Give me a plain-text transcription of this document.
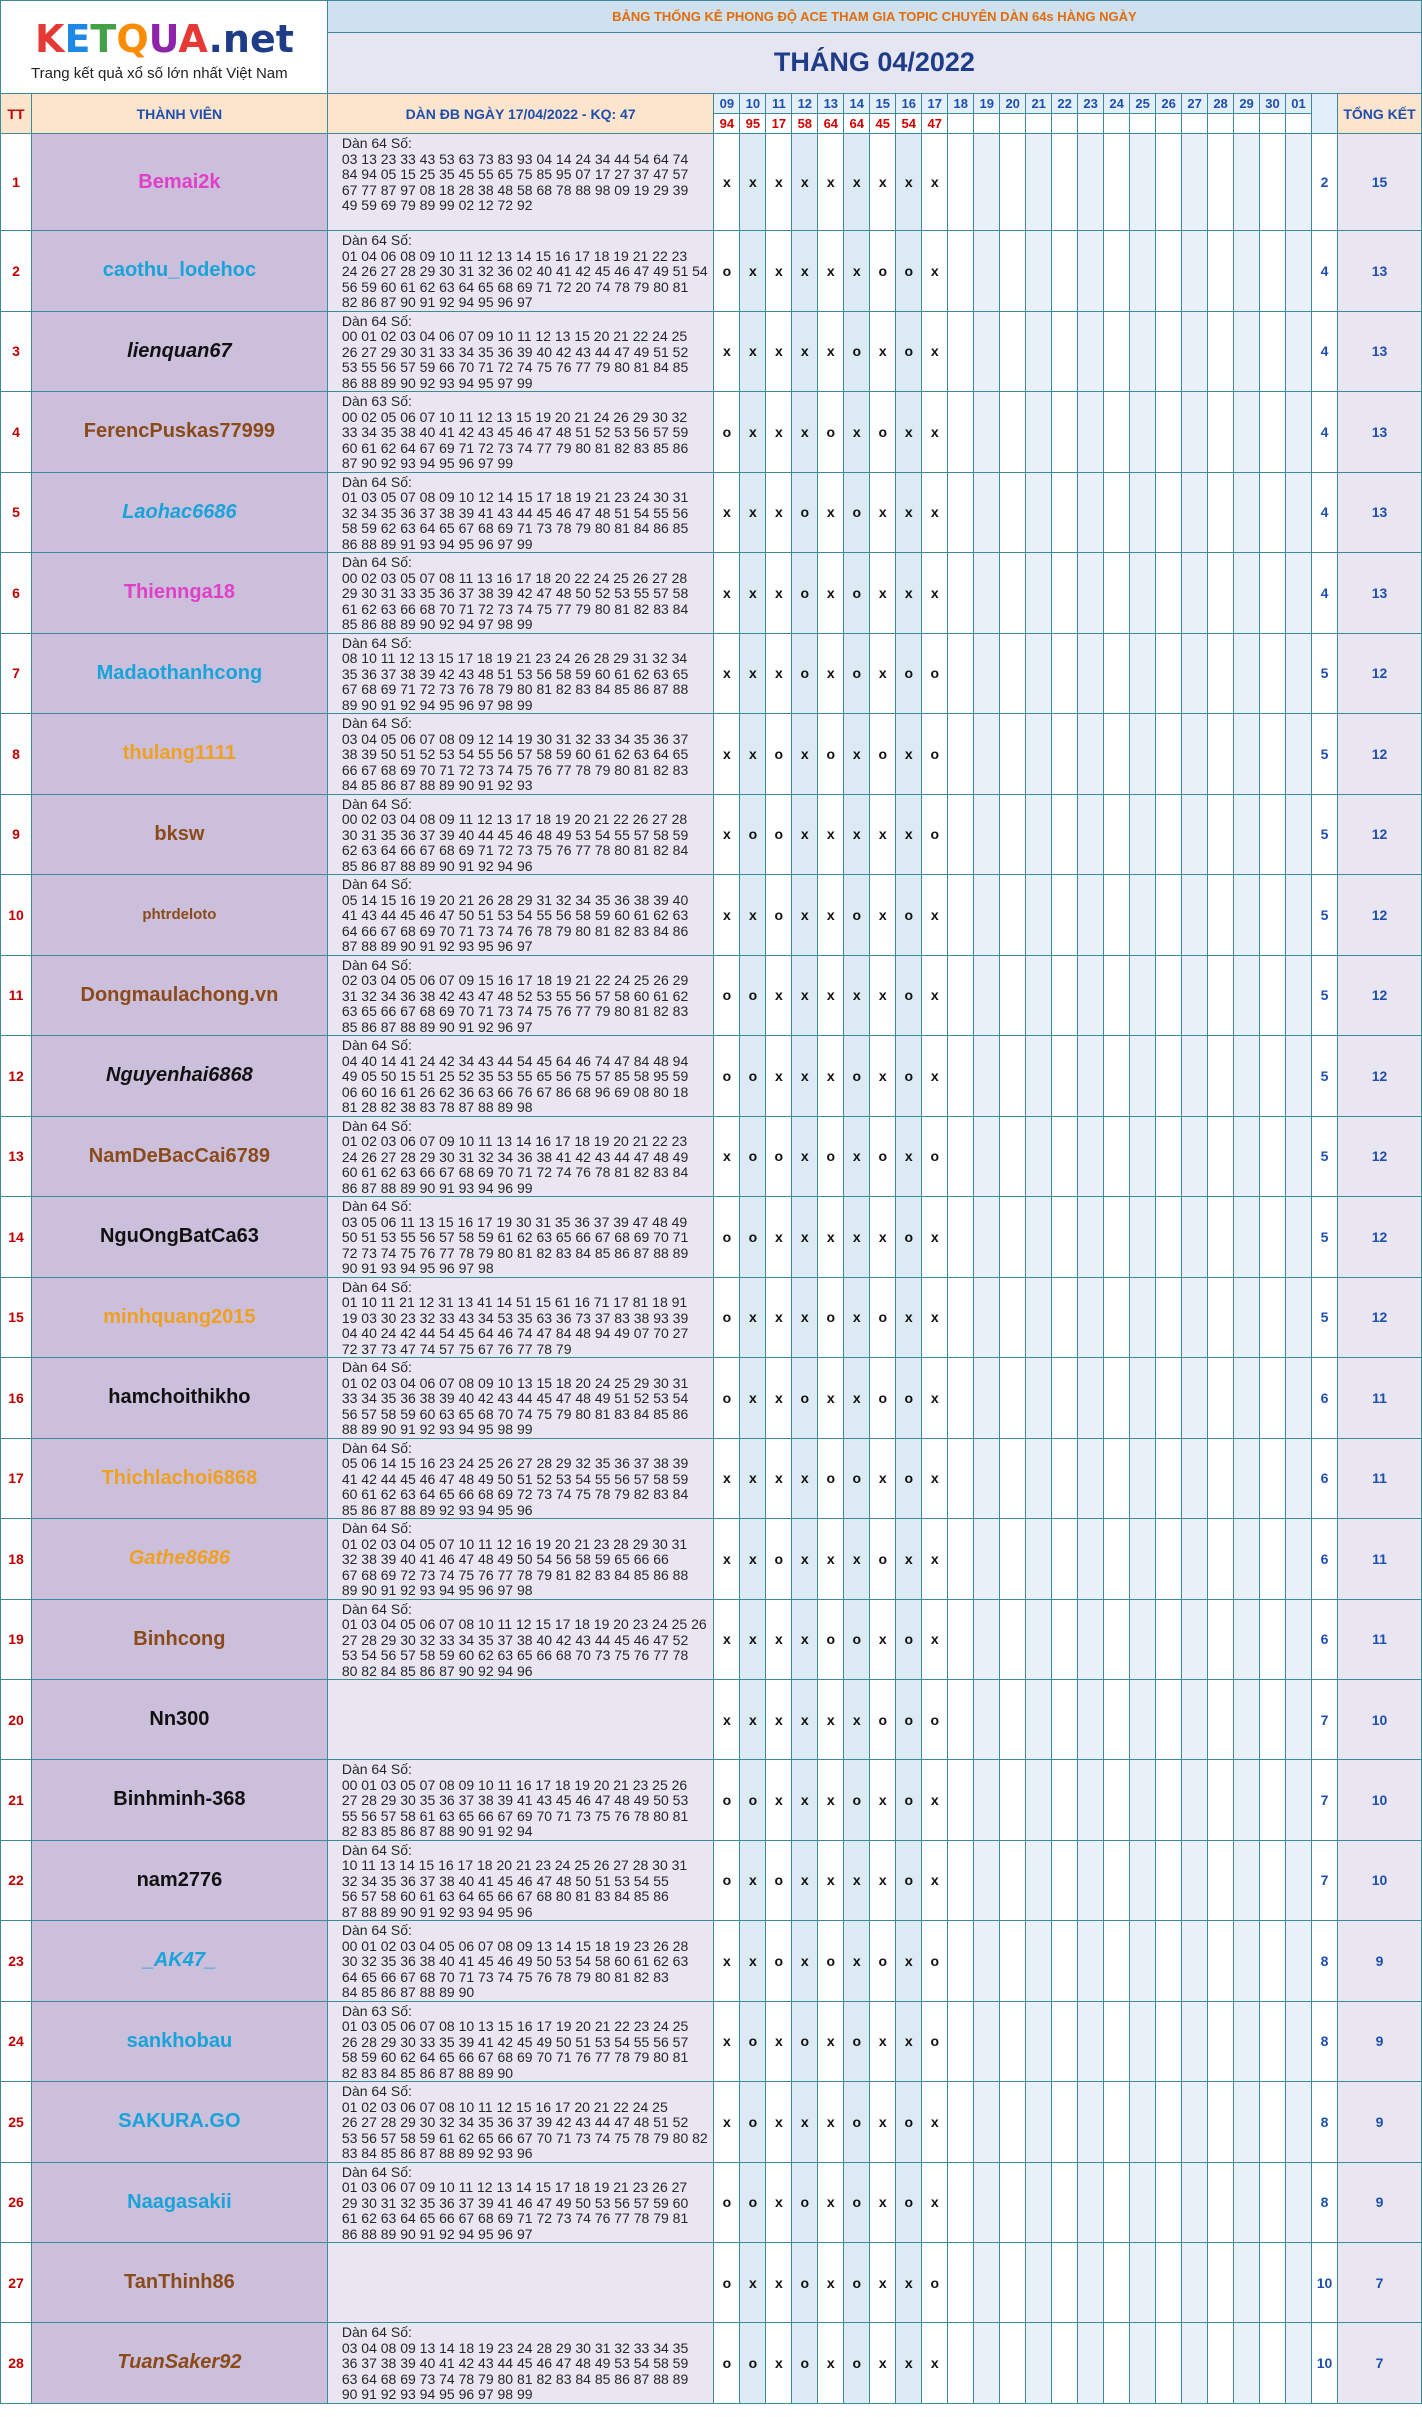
KETQUA.net
Trang kết quả xổ số lớn nhất Việt Nam		BẢNG THỐNG KÊ PHONG ĐỘ ACE THAM GIA TOPIC CHUYÊN DÀN 64s HÀNG NGÀY																									
		THÁNG 04/2022																									
TT	THÀNH VIÊN	DÀN ĐB NGÀY 17/04/2022 - KQ: 47	09	10	11	12	13	14	15	16	17	18	19	20	21	22	23	24	25	26	27	28	29	30	01		TỔNG KẾT
			94	95	17	58	64	64	45	54	47																
1	Bemai2k	Dàn 64 Số:
03 13 23 33 43 53 63 73 83 93 04 14 24 34 44 54 64 74
84 94 05 15 25 35 45 55 65 75 85 95 07 17 27 37 47 57
67 77 87 97 08 18 28 38 48 58 68 78 88 98 09 19 29 39
49 59 69 79 89 99 02 12 72 92	x	x	x	x	x	x	x	x	x															2	15
2	caothu_lodehoc	Dàn 64 Số:
01 04 06 08 09 10 11 12 13 14 15 16 17 18 19 21 22 23
24 26 27 28 29 30 31 32 36 02 40 41 42 45 46 47 49 51 54
56 59 60 61 62 63 64 65 68 69 71 72 20 74 78 79 80 81
82 86 87 90 91 92 94 95 96 97	o	x	x	x	x	x	o	o	x															4	13
3	lienquan67	Dàn 64 Số:
00 01 02 03 04 06 07 09 10 11 12 13 15 20 21 22 24 25
26 27 29 30 31 33 34 35 36 39 40 42 43 44 47 49 51 52
53 55 56 57 59 66 70 71 72 74 75 76 77 79 80 81 84 85
86 88 89 90 92 93 94 95 97 99	x	x	x	x	x	o	x	o	x															4	13
4	FerencPuskas77999	Dàn 63 Số:
00 02 05 06 07 10 11 12 13 15 19 20 21 24 26 29 30 32
33 34 35 38 40 41 42 43 45 46 47 48 51 52 53 56 57 59
60 61 62 64 67 69 71 72 73 74 77 79 80 81 82 83 85 86
87 90 92 93 94 95 96 97 99	o	x	x	x	o	x	o	x	x															4	13
5	Laohac6686	Dàn 64 Số:
01 03 05 07 08 09 10 12 14 15 17 18 19 21 23 24 30 31
32 34 35 36 37 38 39 41 43 44 45 46 47 48 51 54 55 56
58 59 62 63 64 65 67 68 69 71 73 78 79 80 81 84 86 85
86 88 89 91 93 94 95 96 97 99	x	x	x	o	x	o	x	x	x															4	13
6	Thiennga18	Dàn 64 Số:
00 02 03 05 07 08 11 13 16 17 18 20 22 24 25 26 27 28
29 30 31 33 35 36 37 38 39 42 47 48 50 52 53 55 57 58
61 62 63 66 68 70 71 72 73 74 75 77 79 80 81 82 83 84
85 86 88 89 90 92 94 97 98 99	x	x	x	o	x	o	x	x	x															4	13
7	Madaothanhcong	Dàn 64 Số:
08 10 11 12 13 15 17 18 19 21 23 24 26 28 29 31 32 34
35 36 37 38 39 42 43 48 51 53 56 58 59 60 61 62 63 65
67 68 69 71 72 73 76 78 79 80 81 82 83 84 85 86 87 88
89 90 91 92 94 95 96 97 98 99	x	x	x	o	x	o	x	o	o															5	12
8	thulang1111	Dàn 64 Số:
03 04 05 06 07 08 09 12 14 19 30 31 32 33 34 35 36 37
38 39 50 51 52 53 54 55 56 57 58 59 60 61 62 63 64 65
66 67 68 69 70 71 72 73 74 75 76 77 78 79 80 81 82 83
84 85 86 87 88 89 90 91 92 93	x	x	o	x	o	x	o	x	o															5	12
9	bksw	Dàn 64 Số:
00 02 03 04 08 09 11 12 13 17 18 19 20 21 22 26 27 28
30 31 35 36 37 39 40 44 45 46 48 49 53 54 55 57 58 59
62 63 64 66 67 68 69 71 72 73 75 76 77 78 80 81 82 84
85 86 87 88 89 90 91 92 94 96	x	o	o	x	x	x	x	x	o															5	12
10	phtrdeloto	Dàn 64 Số:
05 14 15 16 19 20 21 26 28 29 31 32 34 35 36 38 39 40
41 43 44 45 46 47 50 51 53 54 55 56 58 59 60 61 62 63
64 66 67 68 69 70 71 73 74 76 78 79 80 81 82 83 84 86
87 88 89 90 91 92 93 95 96 97	x	x	o	x	x	o	x	o	x															5	12
11	Dongmaulachong.vn	Dàn 64 Số:
02 03 04 05 06 07 09 15 16 17 18 19 21 22 24 25 26 29
31 32 34 36 38 42 43 47 48 52 53 55 56 57 58 60 61 62
63 65 66 67 68 69 70 71 73 74 75 76 77 79 80 81 82 83
85 86 87 88 89 90 91 92 96 97	o	o	x	x	x	x	x	o	x															5	12
12	Nguyenhai6868	Dàn 64 Số:
04 40 14 41 24 42 34 43 44 54 45 64 46 74 47 84 48 94
49 05 50 15 51 25 52 35 53 55 65 56 75 57 85 58 95 59
06 60 16 61 26 62 36 63 66 76 67 86 68 96 69 08 80 18
81 28 82 38 83 78 87 88 89 98	o	o	x	x	x	o	x	o	x															5	12
13	NamDeBacCai6789	Dàn 64 Số:
01 02 03 06 07 09 10 11 13 14 16 17 18 19 20 21 22 23
24 26 27 28 29 30 31 32 34 36 38 41 42 43 44 47 48 49
60 61 62 63 66 67 68 69 70 71 72 74 76 78 81 82 83 84
86 87 88 89 90 91 93 94 96 99	x	o	o	x	o	x	o	x	o															5	12
14	NguOngBatCa63	Dàn 64 Số:
03 05 06 11 13 15 16 17 19 30 31 35 36 37 39 47 48 49
50 51 53 55 56 57 58 59 61 62 63 65 66 67 68 69 70 71
72 73 74 75 76 77 78 79 80 81 82 83 84 85 86 87 88 89
90 91 93 94 95 96 97 98	o	o	x	x	x	x	x	o	x															5	12
15	minhquang2015	Dàn 64 Số:
01 10 11 21 12 31 13 41 14 51 15 61 16 71 17 81 18 91
19 03 30 23 32 33 43 34 53 35 63 36 73 37 83 38 93 39
04 40 24 42 44 54 45 64 46 74 47 84 48 94 49 07 70 27
72 37 73 47 74 57 75 67 76 77 78 79	o	x	x	x	o	x	o	x	x															5	12
16	hamchoithikho	Dàn 64 Số:
01 02 03 04 06 07 08 09 10 13 15 18 20 24 25 29 30 31
33 34 35 36 38 39 40 42 43 44 45 47 48 49 51 52 53 54
56 57 58 59 60 63 65 68 70 74 75 79 80 81 83 84 85 86
88 89 90 91 92 93 94 95 98 99	o	x	x	o	x	x	o	o	x															6	11
17	Thichlachoi6868	Dàn 64 Số:
05 06 14 15 16 23 24 25 26 27 28 29 32 35 36 37 38 39
41 42 44 45 46 47 48 49 50 51 52 53 54 55 56 57 58 59
60 61 62 63 64 65 66 68 69 72 73 74 75 78 79 82 83 84
85 86 87 88 89 92 93 94 95 96	x	x	x	x	o	o	x	o	x															6	11
18	Gathe8686	Dàn 64 Số:
01 02 03 04 05 07 10 11 12 16 19 20 21 23 28 29 30 31
32 38 39 40 41 46 47 48 49 50 54 56 58 59 65 66 66
67 68 69 72 73 74 75 76 77 78 79 81 82 83 84 85 86 88
89 90 91 92 93 94 95 96 97 98	x	x	o	x	x	x	o	x	x															6	11
19	Binhcong	Dàn 64 Số:
01 03 04 05 06 07 08 10 11 12 15 17 18 19 20 23 24 25 26
27 28 29 30 32 33 34 35 37 38 40 42 43 44 45 46 47 52
53 54 56 57 58 59 60 62 63 65 66 68 70 73 75 76 77 78
80 82 84 85 86 87 90 92 94 96	x	x	x	x	o	o	x	o	x															6	11
20	Nn300		x	x	x	x	x	x	o	o	o															7	10
21	Binhminh-368	Dàn 64 Số:
00 01 03 05 07 08 09 10 11 16 17 18 19 20 21 23 25 26
27 28 29 30 35 36 37 38 39 41 43 45 46 47 48 49 50 53
55 56 57 58 61 63 65 66 67 69 70 71 73 75 76 78 80 81
82 83 85 86 87 88 90 91 92 94	o	o	x	x	x	o	x	o	x															7	10
22	nam2776	Dàn 64 Số:
10 11 13 14 15 16 17 18 20 21 23 24 25 26 27 28 30 31
32 34 35 36 37 38 40 41 45 46 47 48 50 51 53 54 55
56 57 58 60 61 63 64 65 66 67 68 80 81 83 84 85 86
87 88 89 90 91 92 93 94 95 96	o	x	o	x	x	x	x	o	x															7	10
23	_AK47_	Dàn 64 Số:
00 01 02 03 04 05 06 07 08 09 13 14 15 18 19 23 26 28
30 32 35 36 38 40 41 45 46 49 50 53 54 58 60 61 62 63
64 65 66 67 68 70 71 73 74 75 76 78 79 80 81 82 83
84 85 86 87 88 89 90	x	x	o	x	o	x	o	x	o															8	9
24	sankhobau	Dàn 63 Số:
01 03 05 06 07 08 10 13 15 16 17 19 20 21 22 23 24 25
26 28 29 30 33 35 39 41 42 45 49 50 51 53 54 55 56 57
58 59 60 62 64 65 66 67 68 69 70 71 76 77 78 79 80 81
82 83 84 85 86 87 88 89 90	x	o	x	o	x	o	x	x	o															8	9
25	SAKURA.GO	Dàn 64 Số:
01 02 03 06 07 08 10 11 12 15 16 17 20 21 22 24 25
26 27 28 29 30 32 34 35 36 37 39 42 43 44 47 48 51 52
53 56 57 58 59 61 62 65 66 67 70 71 73 74 75 78 79 80 82
83 84 85 86 87 88 89 92 93 96	x	o	x	x	x	o	x	o	x															8	9
26	Naagasakii	Dàn 64 Số:
01 03 06 07 09 10 11 12 13 14 15 17 18 19 21 23 26 27
29 30 31 32 35 36 37 39 41 46 47 49 50 53 56 57 59 60
61 62 63 64 65 66 67 68 69 71 72 73 74 76 77 78 79 81
86 88 89 90 91 92 94 95 96 97	o	o	x	o	x	o	x	o	x															8	9
27	TanThinh86		o	x	x	o	x	o	x	x	o															10	7
28	TuanSaker92	Dàn 64 Số:
03 04 08 09 13 14 18 19 23 24 28 29 30 31 32 33 34 35
36 37 38 39 40 41 42 43 44 45 46 47 48 49 53 54 58 59
63 64 68 69 73 74 78 79 80 81 82 83 84 85 86 87 88 89
90 91 92 93 94 95 96 97 98 99	o	o	x	o	x	o	x	x	x															10	7
